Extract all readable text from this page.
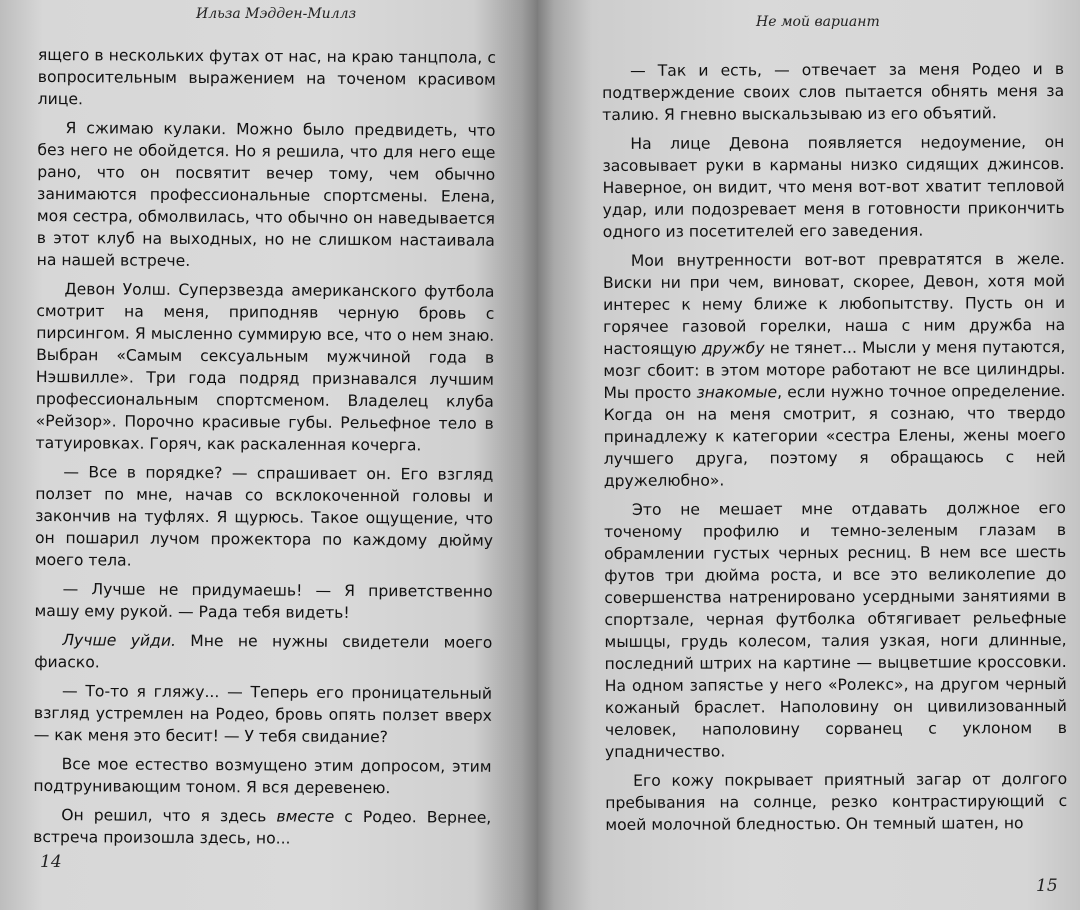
Ильза Мэдден-Миллз

ящего в нескольких футах от нас, на краю танцпола, с вопросительным выражением на точеном красивом лице.

Я сжимаю кулаки. Можно было предвидеть, что без него не обойдется. Но я решила, что для него еще рано, что он посвятит вечер тому, чем обычно занимаются профессиональные спортсмены. Елена, моя сестра, обмолвилась, что обычно он наведывается в этот клуб на выходных, но не слишком настаивала на нашей встрече.

Девон Уолш. Суперзвезда американского футбола смотрит на меня, приподняв черную бровь с пирсингом. Я мысленно суммирую все, что о нем знаю. Выбран «Самым сексуальным мужчиной года в Нэшвилле». Три года подряд признавался лучшим профессиональным спортсменом. Владелец клуба «Рейзор». Порочно красивые губы. Рельефное тело в татуировках. Горяч, как раскаленная кочерга.

— Все в порядке? — спрашивает он. Его взгляд ползет по мне, начав со всклокоченной головы и закончив на туфлях. Я щурюсь. Такое ощущение, что он пошарил лучом прожектора по каждому дюйму моего тела.

— Лучше не придумаешь! — Я приветственно машу ему рукой. — Рада тебя видеть!

Лучше уйди. Мне не нужны свидетели моего фиаско.

— То-то я гляжу... — Теперь его проницательный взгляд устремлен на Родео, бровь опять ползет вверх — как меня это бесит! — У тебя свидание?

Все мое естество возмущено этим допросом, этим подтрунивающим тоном. Я вся деревенею.

Он решил, что я здесь вместе с Родео. Вернее, встреча произошла здесь, но...

14
Не мой вариант

— Так и есть, — отвечает за меня Родео и в подтверждение своих слов пытается обнять меня за талию. Я гневно выскальзываю из его объятий.

На лице Девона появляется недоумение, он засовывает руки в карманы низко сидящих джинсов. Наверное, он видит, что меня вот-вот хватит тепловой удар, или подозревает меня в готовности прикончить одного из посетителей его заведения.

Мои внутренности вот-вот превратятся в желе. Виски ни при чем, виноват, скорее, Девон, хотя мой интерес к нему ближе к любопытству. Пусть он и горячее газовой горелки, наша с ним дружба на настоящую дружбу не тянет... Мысли у меня путаются, мозг сбоит: в этом моторе работают не все цилиндры. Мы просто знакомые, если нужно точное определение. Когда он на меня смотрит, я сознаю, что твердо принадлежу к категории «сестра Елены, жены моего лучшего друга, поэтому я обращаюсь с ней дружелюбно».

Это не мешает мне отдавать должное его точеному профилю и темно-зеленым глазам в обрамлении густых черных ресниц. В нем все шесть футов три дюйма роста, и все это великолепие до совершенства натренировано усердными занятиями в спортзале, черная футболка обтягивает рельефные мышцы, грудь колесом, талия узкая, ноги длинные, последний штрих на картине — выцветшие кроссовки. На одном запястье у него «Ролекс», на другом черный кожаный браслет. Наполовину он цивилизованный человек, наполовину сорванец с уклоном в упадничество.

Его кожу покрывает приятный загар от долгого пребывания на солнце, резко контрастирующий с моей молочной бледностью. Он темный шатен, но

15
